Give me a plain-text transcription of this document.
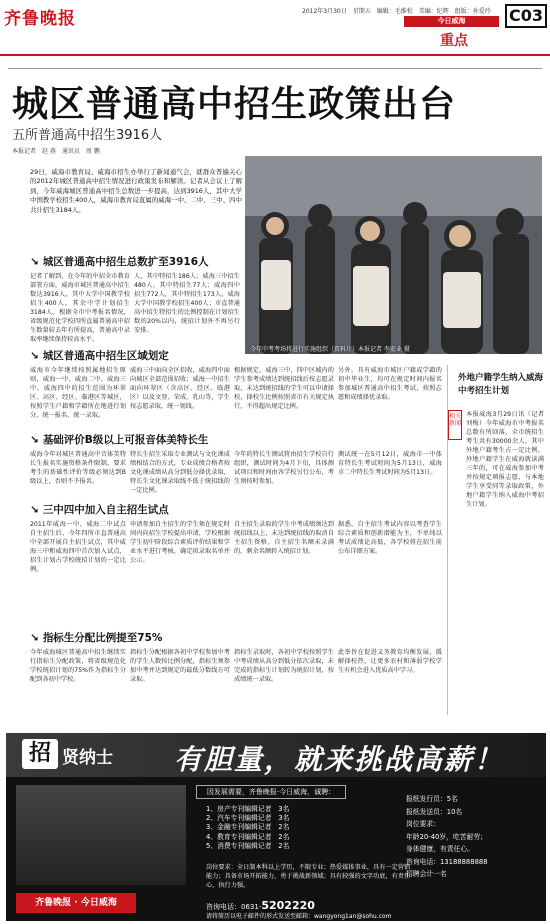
齐鲁晚报	2012年3月30日　星期五　编辑：毛维松　美编：纪辉　组版：孙爱玲
今日威海
重点
C03
城区普通高中招生政策出台
五所普通高中招生3916人
本报记者　赵 燕　通讯员　周 鹏
29日，威海市教育局、威海市招生办举行了新闻通气会，就群众普遍关心的2012年城区普通高中招生情况进行政策发布和解读。记者从会议上了解到，今年威海城区普通高中招生总数进一步提高，达到3916人，其中大学中国教学校招生400人，威海市教育局直属的威海一中、二中、三中、四中共计招生3184人。
今年中考考场将进行实施组织（资料片）本报记者 李宏业 摄
↘ 城区普通高中招生总数扩至3916人
记者了解到，在今年的中招全市教育部署方面，威海市城区普通高中招生数达3916人，其中大学中国教学校招生400人，其余中学计划招生3184人。根据全市中考报名情况，省级规范化学校四所直属普通高中招生数量较去年有所提高，普通高中录取率继续保持较高水平。
人，其中特招生186人；威海三中招生480人，其中特招生77人；威海四中招生772人，其中特招生173人，威海大学中国教学校招生400人；市直普通高中招生特招生的比例控制在计划招生数的20%以内，统招计划外不再另行安排。
↘ 城区普通高中招生区域划定
威海市今年继续按照属地招生原则，威海一中、威海二中、威海三中、威海四中的招生范围为环翠区、高区、经区、临港区等城区，按照学生户籍和学籍所在地进行划分，统一报名、统一录取。
威海三中面向全区招收，威海四中面向城区全部范围招收；威海一中招生面向环翠区（含高区、经区、临港区）以及文登、荣成、乳山等，学生按志愿录取，统一划线。
根据规定，威海三中、四中区域内的学生参考成绩达到统招线后按志愿录取，未达到统招线的学生可以申请择校，择校生比例按照省市有关规定执行，不得超出规定比例。
另外，具有威海市城区户籍或学籍的初中毕业生，均可在规定时间内报名参加城区普通高中招生考试，按照志愿和成绩择优录取。
↘ 基础评价B级以上可报音体美特长生
威海今年对城区普通高中音体美特长生报名实施资格条件限制，要求考生的基础性评价等级必须达到B级以上，否则不予报名。
特长生招生采取专业测试与文化课成绩相结合的方式，专业成绩合格者按文化课成绩从高分到低分择优录取，特长生文化课录取线不低于统招线的一定比例。
今年的特长生测试将由招生学校自行组织，测试时间为4月下旬，具体测试项目和时间由各学校另行公布，考生须按时参加。
测试统一在5月12日，威海市一中体育特长生考试时间为5月13日，威海市二中特长生考试时间为5月13日。
↘ 三中四中加入自主招生试点
2011年威海一中、威海二中试点自主招生后，今年四所市直普通高中全部开展自主招生试点，其中威海三中和威海四中首次加入试点，招生计划占学校统招计划的一定比例。
申请参加自主招生的学生须在规定时间内向招生学校提出申请，学校根据学生初中阶段综合素质评价结果和学业水平进行考核，确定拟录取名单并公示。
自主招生录取的学生中考成绩须达到统招线以上，未达到统招线的取消自主招生资格。自主招生名额未录满的，剩余名额转入统招计划。
据悉，自主招生考试内容以考查学生综合素质和创新潜能为主，不单纯以考试成绩论高低，各学校将在招生前公布详细方案。
↘ 指标生分配比例提至75%
今年威海城区普通高中招生继续实行指标生分配政策，将省级规范化学校统招计划的75%作为指标生分配到各初中学校。
指标生分配根据各初中学校参加中考的学生人数按比例分配，指标生须参加中考并达到规定的最低分数线方可录取。
指标生录取时，各初中学校按照学生中考成绩从高分到低分依次录取，未完成的指标生计划转为统招计划，按成绩统一录取。
此举旨在促进义务教育均衡发展，缓解择校热，让更多农村和薄弱学校学生有机会进入优质高中学习。
外地户籍学生纳入威海中考招生计划
相关新闻
本报威海3月29日讯（记者 刘梅）今年威海市中考报名总数有所回落，全市统招生考生共有30000余人，其中外地户籍考生占一定比例。外地户籍学生在威海就读满三年的，可在威海参加中考并按规定填报志愿，与本地学生享受同等录取政策，外地户籍学生纳入威海中考招生计划。
招 贤纳士 有胆量，就来挑战高薪！
因发展需要，齐鲁晚报·今日威海，诚聘：
1、房产专刊编辑记者　3名
2、汽车专刊编辑记者　3名
3、金融专刊编辑记者　2名
4、教育专刊编辑记者　2名
5、消费专刊编辑记者　2名
岗位要求：全日制本科以上学历，不限专业；热爱媒体事业，具有一定营销能力；具备市场开拓能力，勇于挑战新领域；具有较强的文字功底，有责任心，执行力强。
咨询电话：0631-5202220
请将简历以电子邮件的形式发送至邮箱：wangyong1an@sohu.com
报纸发行员：5名
报纸发送员：10名
岗位要求：
年龄20-40岁，吃苦耐劳；
身体健康，有责任心。
咨询电话：13188888888
招聘会计一名
齐鲁晚报 · 今日威海
